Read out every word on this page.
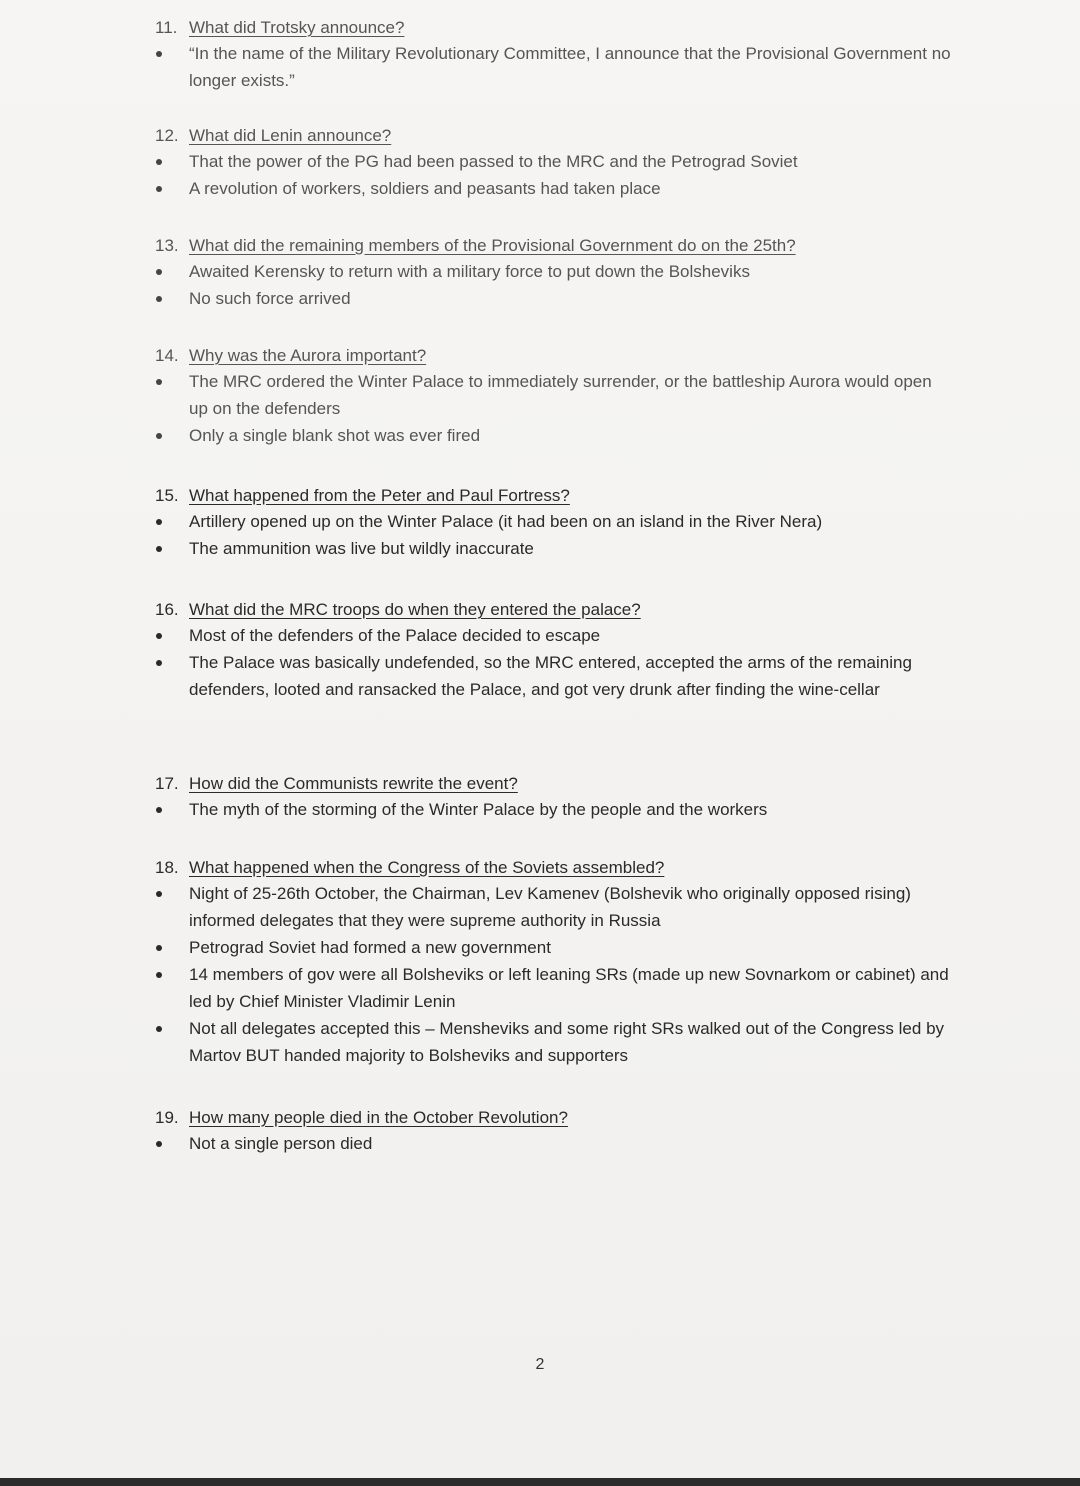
11. What did Trotsky announce?

“In the name of the Military Revolutionary Committee, I announce that the Provisional Government no longer exists.”

12. What did Lenin announce?

That the power of the PG had been passed to the MRC and the Petrograd Soviet
A revolution of workers, soldiers and peasants had taken place

13. What did the remaining members of the Provisional Government do on the 25th?

Awaited Kerensky to return with a military force to put down the Bolsheviks
No such force arrived

14. Why was the Aurora important?

The MRC ordered the Winter Palace to immediately surrender, or the battleship Aurora would open up on the defenders
Only a single blank shot was ever fired

15. What happened from the Peter and Paul Fortress?

Artillery opened up on the Winter Palace (it had been on an island in the River Nera)
The ammunition was live but wildly inaccurate

16. What did the MRC troops do when they entered the palace?

Most of the defenders of the Palace decided to escape
The Palace was basically undefended, so the MRC entered, accepted the arms of the remaining defenders, looted and ransacked the Palace, and got very drunk after finding the wine-cellar

17. How did the Communists rewrite the event?

The myth of the storming of the Winter Palace by the people and the workers

18. What happened when the Congress of the Soviets assembled?

Night of 25-26th October, the Chairman, Lev Kamenev (Bolshevik who originally opposed rising) informed delegates that they were supreme authority in Russia
Petrograd Soviet had formed a new government
14 members of gov were all Bolsheviks or left leaning SRs (made up new Sovnarkom or cabinet) and led by Chief Minister Vladimir Lenin
Not all delegates accepted this – Mensheviks and some right SRs walked out of the Congress led by Martov BUT handed majority to Bolsheviks and supporters

19. How many people died in the October Revolution?

Not a single person died
2
